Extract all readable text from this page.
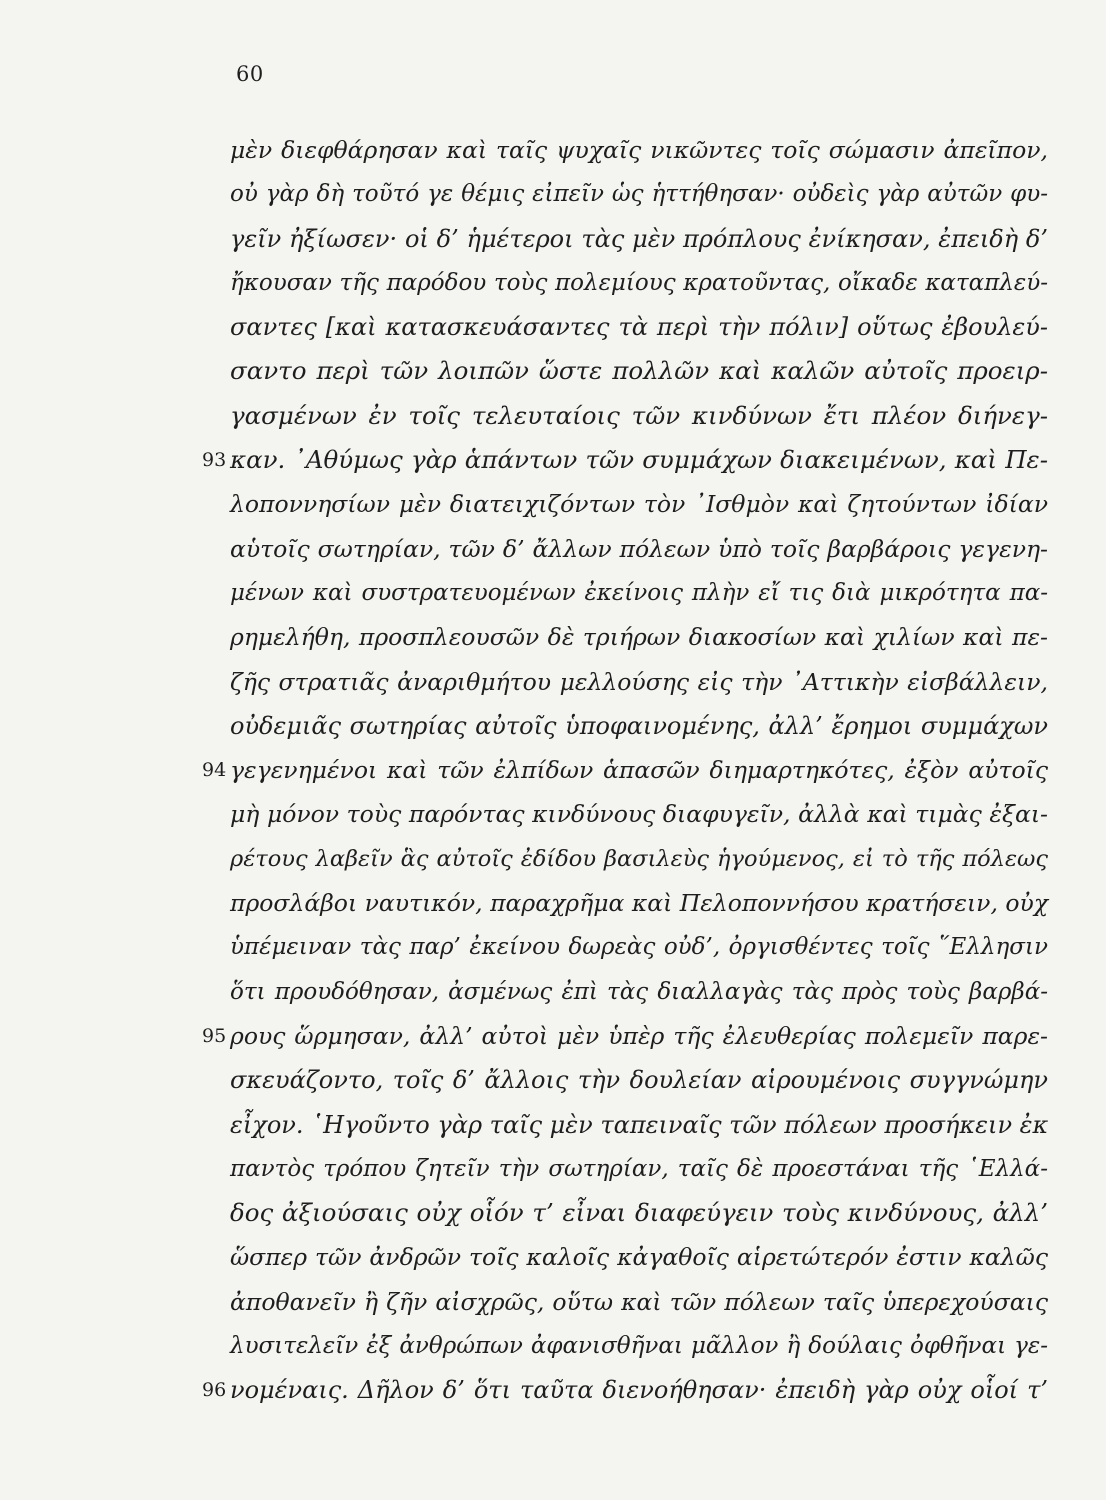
60
μὲν διεφθάρησαν καὶ ταῖς ψυχαῖς νικῶντες τοῖς σώμασιν ἀπεῖπον,
οὐ γὰρ δὴ τοῦτό γε θέμις εἰπεῖν ὡς ἡττήθησαν· οὐδεὶς γὰρ αὐτῶν φυ-
γεῖν ἠξίωσεν· οἱ δ’ ἡμέτεροι τὰς μὲν πρόπλους ἐνίκησαν, ἐπειδὴ δ’
ἤκουσαν τῆς παρόδου τοὺς πολεμίους κρατοῦντας, οἴκαδε καταπλεύ-
σαντες [καὶ κατασκευάσαντες τὰ περὶ τὴν πόλιν] οὕτως ἐβουλεύ-
σαντο περὶ τῶν λοιπῶν ὥστε πολλῶν καὶ καλῶν αὐτοῖς προειρ-
γασμένων ἐν τοῖς τελευταίοις τῶν κινδύνων ἔτι πλέον διήνεγ-
93 καν. ᾿Αθύμως γὰρ ἁπάντων τῶν συμμάχων διακειμένων, καὶ Πε-
λοποννησίων μὲν διατειχιζόντων τὸν ᾿Ισθμὸν καὶ ζητούντων ἰδίαν
αὑτοῖς σωτηρίαν, τῶν δ’ ἄλλων πόλεων ὑπὸ τοῖς βαρβάροις γεγενη-
μένων καὶ συστρατευομένων ἐκείνοις πλὴν εἴ τις διὰ μικρότητα πα-
ρημελήθη, προσπλεουσῶν δὲ τριήρων διακοσίων καὶ χιλίων καὶ πε-
ζῆς στρατιᾶς ἀναριθμήτου μελλούσης εἰς τὴν ᾿Αττικὴν εἰσβάλλειν,
οὐδεμιᾶς σωτηρίας αὐτοῖς ὑποφαινομένης, ἀλλ’ ἔρημοι συμμάχων
94 γεγενημένοι καὶ τῶν ἐλπίδων ἁπασῶν διημαρτηκότες, ἐξὸν αὐτοῖς
μὴ μόνον τοὺς παρόντας κινδύνους διαφυγεῖν, ἀλλὰ καὶ τιμὰς ἐξαι-
ρέτους λαβεῖν ἃς αὐτοῖς ἐδίδου βασιλεὺς ἡγούμενος, εἰ τὸ τῆς πόλεως
προσλάβοι ναυτικόν, παραχρῆμα καὶ Πελοποννήσου κρατήσειν, οὐχ
ὑπέμειναν τὰς παρ’ ἐκείνου δωρεὰς οὐδ’, ὀργισθέντες τοῖς ῞Ελλησιν
ὅτι προυδόθησαν, ἀσμένως ἐπὶ τὰς διαλλαγὰς τὰς πρὸς τοὺς βαρβά-
95 ρους ὥρμησαν, ἀλλ’ αὐτοὶ μὲν ὑπὲρ τῆς ἐλευθερίας πολεμεῖν παρε-
σκευάζοντο, τοῖς δ’ ἄλλοις τὴν δουλείαν αἱρουμένοις συγγνώμην
εἶχον. ῾Ηγοῦντο γὰρ ταῖς μὲν ταπειναῖς τῶν πόλεων προσήκειν ἐκ
παντὸς τρόπου ζητεῖν τὴν σωτηρίαν, ταῖς δὲ προεστάναι τῆς ῾Ελλά-
δος ἀξιούσαις οὐχ οἷόν τ’ εἶναι διαφεύγειν τοὺς κινδύνους, ἀλλ’
ὥσπερ τῶν ἀνδρῶν τοῖς καλοῖς κἀγαθοῖς αἱρετώτερόν ἐστιν καλῶς
ἀποθανεῖν ἢ ζῆν αἰσχρῶς, οὕτω καὶ τῶν πόλεων ταῖς ὑπερεχούσαις
λυσιτελεῖν ἐξ ἀνθρώπων ἀφανισθῆναι μᾶλλον ἢ δούλαις ὀφθῆναι γε-
96 νομέναις. Δῆλον δ’ ὅτι ταῦτα διενοήθησαν· ἐπειδὴ γὰρ οὐχ οἷοί τ’
